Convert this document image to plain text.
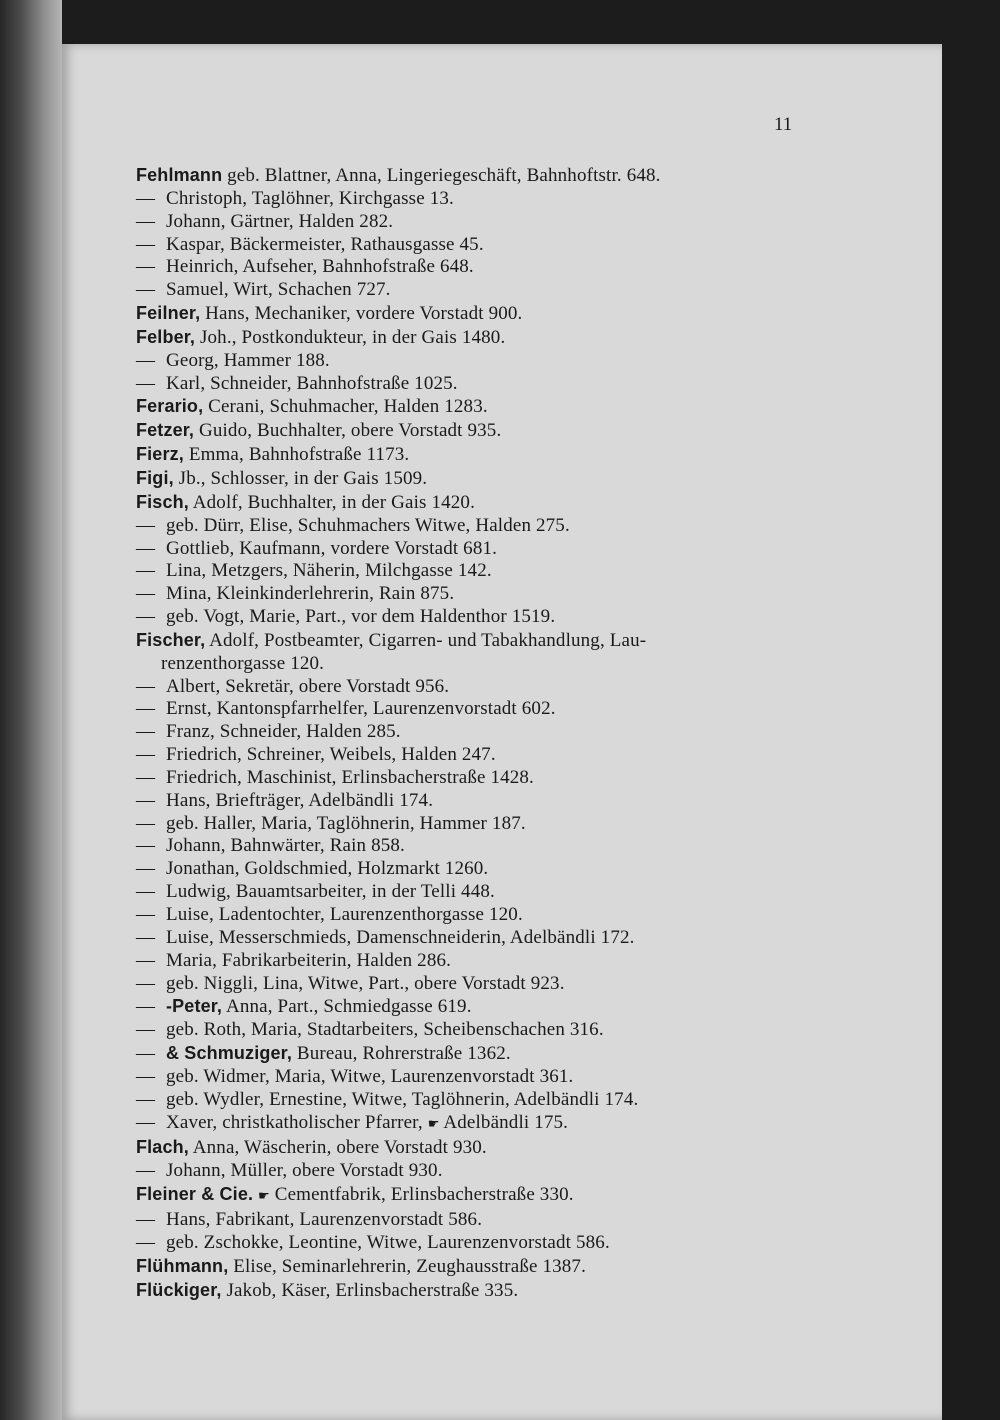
11
Fehlmann geb. Blattner, Anna, Lingeriegeschäft, Bahnhoftstr. 648.
— Christoph, Taglöhner, Kirchgasse 13.
— Johann, Gärtner, Halden 282.
— Kaspar, Bäckermeister, Rathausgasse 45.
— Heinrich, Aufseher, Bahnhofstraße 648.
— Samuel, Wirt, Schachen 727.
Feilner, Hans, Mechaniker, vordere Vorstadt 900.
Felber, Joh., Postkondukteur, in der Gais 1480.
— Georg, Hammer 188.
— Karl, Schneider, Bahnhofstraße 1025.
Ferario, Cerani, Schuhmacher, Halden 1283.
Fetzer, Guido, Buchhalter, obere Vorstadt 935.
Fierz, Emma, Bahnhofstraße 1173.
Figi, Jb., Schlosser, in der Gais 1509.
Fisch, Adolf, Buchhalter, in der Gais 1420.
— geb. Dürr, Elise, Schuhmachers Witwe, Halden 275.
— Gottlieb, Kaufmann, vordere Vorstadt 681.
— Lina, Metzgers, Näherin, Milchgasse 142.
— Mina, Kleinkinderlehrerin, Rain 875.
— geb. Vogt, Marie, Part., vor dem Haldenthor 1519.
Fischer, Adolf, Postbeamter, Cigarren- und Tabakhandlung, Lau-
renzenthorgasse 120.
— Albert, Sekretär, obere Vorstadt 956.
— Ernst, Kantonspfarrhelfer, Laurenzenvorstadt 602.
— Franz, Schneider, Halden 285.
— Friedrich, Schreiner, Weibels, Halden 247.
— Friedrich, Maschinist, Erlinsbacherstraße 1428.
— Hans, Briefträger, Adelbändli 174.
— geb. Haller, Maria, Taglöhnerin, Hammer 187.
— Johann, Bahnwärter, Rain 858.
— Jonathan, Goldschmied, Holzmarkt 1260.
— Ludwig, Bauamtsarbeiter, in der Telli 448.
— Luise, Ladentochter, Laurenzenthorgasse 120.
— Luise, Messerschmieds, Damenschneiderin, Adelbändli 172.
— Maria, Fabrikarbeiterin, Halden 286.
— geb. Niggli, Lina, Witwe, Part., obere Vorstadt 923.
— -Peter, Anna, Part., Schmiedgasse 619.
— geb. Roth, Maria, Stadtarbeiters, Scheibenschachen 316.
— & Schmuziger, Bureau, Rohrerstraße 1362.
— geb. Widmer, Maria, Witwe, Laurenzenvorstadt 361.
— geb. Wydler, Ernestine, Witwe, Taglöhnerin, Adelbändli 174.
— Xaver, christkatholischer Pfarrer, ☛ Adelbändli 175.
Flach, Anna, Wäscherin, obere Vorstadt 930.
— Johann, Müller, obere Vorstadt 930.
Fleiner & Cie. ☛ Cementfabrik, Erlinsbacherstraße 330.
— Hans, Fabrikant, Laurenzenvorstadt 586.
— geb. Zschokke, Leontine, Witwe, Laurenzenvorstadt 586.
Flühmann, Elise, Seminarlehrerin, Zeughausstraße 1387.
Flückiger, Jakob, Käser, Erlinsbacherstraße 335.
